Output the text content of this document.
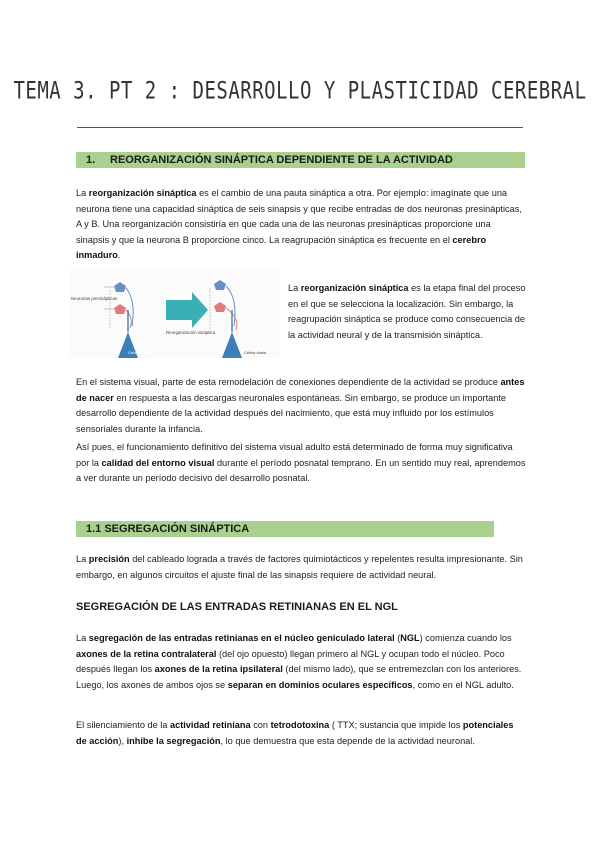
TEMA 3. PT 2 : DESARROLLO Y PLASTICIDAD CEREBRAL
1. REORGANIZACIÓN SINÁPTICA DEPENDIENTE DE LA ACTIVIDAD

La reorganización sináptica es el cambio de una pauta sináptica a otra. Por ejemplo: imagínate que una neurona tiene una capacidad sináptica de seis sinapsis y que recibe entradas de dos neuronas presinápticas, A y B. Una reorganización consistiría en que cada una de las neuronas presinápticas proporcione una sinapsis y que la neurona B proporcione cinco. La reagrupación sináptica es frecuente en el cerebro inmaduro.

Neuronas presinápticas
Reorganización sináptica
Célula diana	Célula diana

La reorganización sináptica es la etapa final del proceso en el que se selecciona la localización. Sin embargo, la reagrupación sináptica se produce como consecuencia de la actividad neural y de la transmisión sináptica.

En el sistema visual, parte de esta remodelación de conexiones dependiente de la actividad se produce antes de nacer en respuesta a las descargas neuronales espontáneas. Sin embargo, se produce un importante desarrollo dependiente de la actividad después del nacimiento, que está muy influido por los estímulos sensoriales durante la infancia.

Así pues, el funcionamiento definitivo del sistema visual adulto está determinado de forma muy significativa por la calidad del entorno visual durante el período posnatal temprano. En un sentido muy real, aprendemos a ver durante un período decisivo del desarrollo posnatal.

1.1 SEGREGACIÓN SINÁPTICA

La precisión del cableado lograda a través de factores quimiotácticos y repelentes resulta impresionante. Sin embargo, en algunos circuitos el ajuste final de las sinapsis requiere de actividad neural.

SEGREGACIÓN DE LAS ENTRADAS RETINIANAS EN EL NGL

La segregación de las entradas retinianas en el núcleo geniculado lateral (NGL) comienza cuando los axones de la retina contralateral (del ojo opuesto) llegan primero al NGL y ocupan todo el núcleo. Poco después llegan los axones de la retina ipsilateral (del mismo lado), que se entremezclan con los anteriores. Luego, los axones de ambos ojos se separan en dominios oculares específicos, como en el NGL adulto.

El silenciamiento de la actividad retiniana con tetrodotoxina ( TTX; sustancia que impide los potenciales de acción), inhibe la segregación, lo que demuestra que esta depende de la actividad neuronal.
